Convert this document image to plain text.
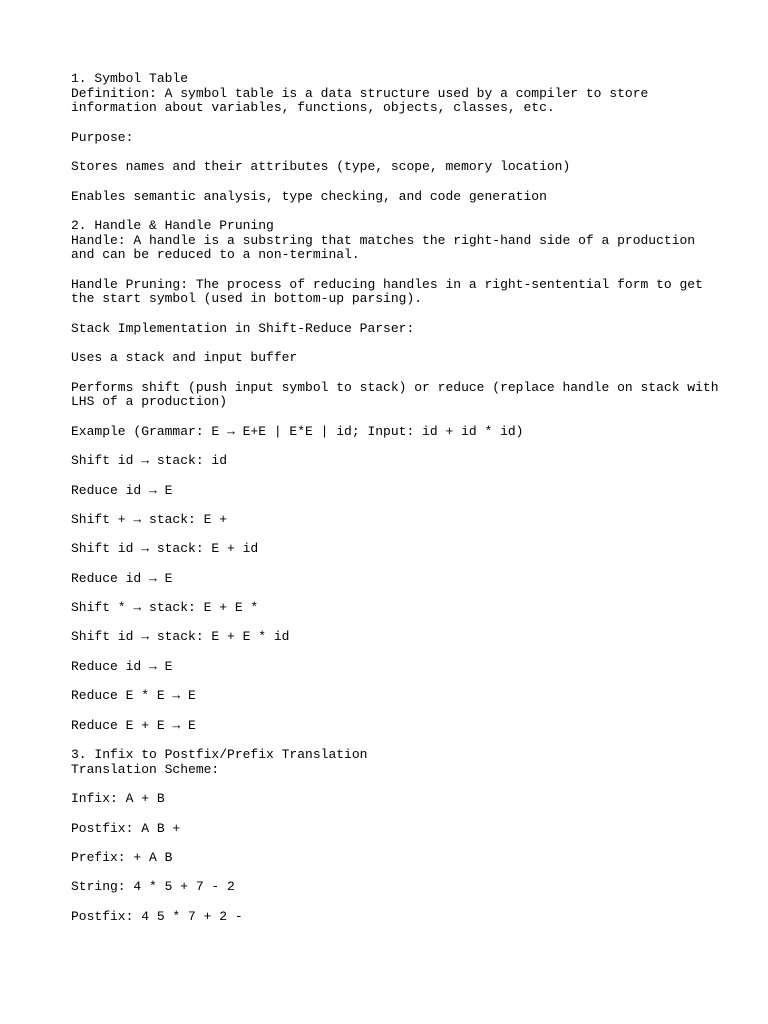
1. Symbol Table

Definition: A symbol table is a data structure used by a compiler to store

information about variables, functions, objects, classes, etc.

Purpose:

Stores names and their attributes (type, scope, memory location)

Enables semantic analysis, type checking, and code generation

2. Handle & Handle Pruning

Handle: A handle is a substring that matches the right-hand side of a production

and can be reduced to a non-terminal.

Handle Pruning: The process of reducing handles in a right-sentential form to get

the start symbol (used in bottom-up parsing).

Stack Implementation in Shift-Reduce Parser:

Uses a stack and input buffer

Performs shift (push input symbol to stack) or reduce (replace handle on stack with

LHS of a production)

Example (Grammar: E → E+E | E*E | id; Input: id + id * id)

Shift id → stack: id

Reduce id → E

Shift + → stack: E +

Shift id → stack: E + id

Reduce id → E

Shift * → stack: E + E *

Shift id → stack: E + E * id

Reduce id → E

Reduce E * E → E

Reduce E + E → E

3. Infix to Postfix/Prefix Translation

Translation Scheme:

Infix: A + B

Postfix: A B +

Prefix: + A B

String: 4 * 5 + 7 - 2

Postfix: 4 5 * 7 + 2 -
